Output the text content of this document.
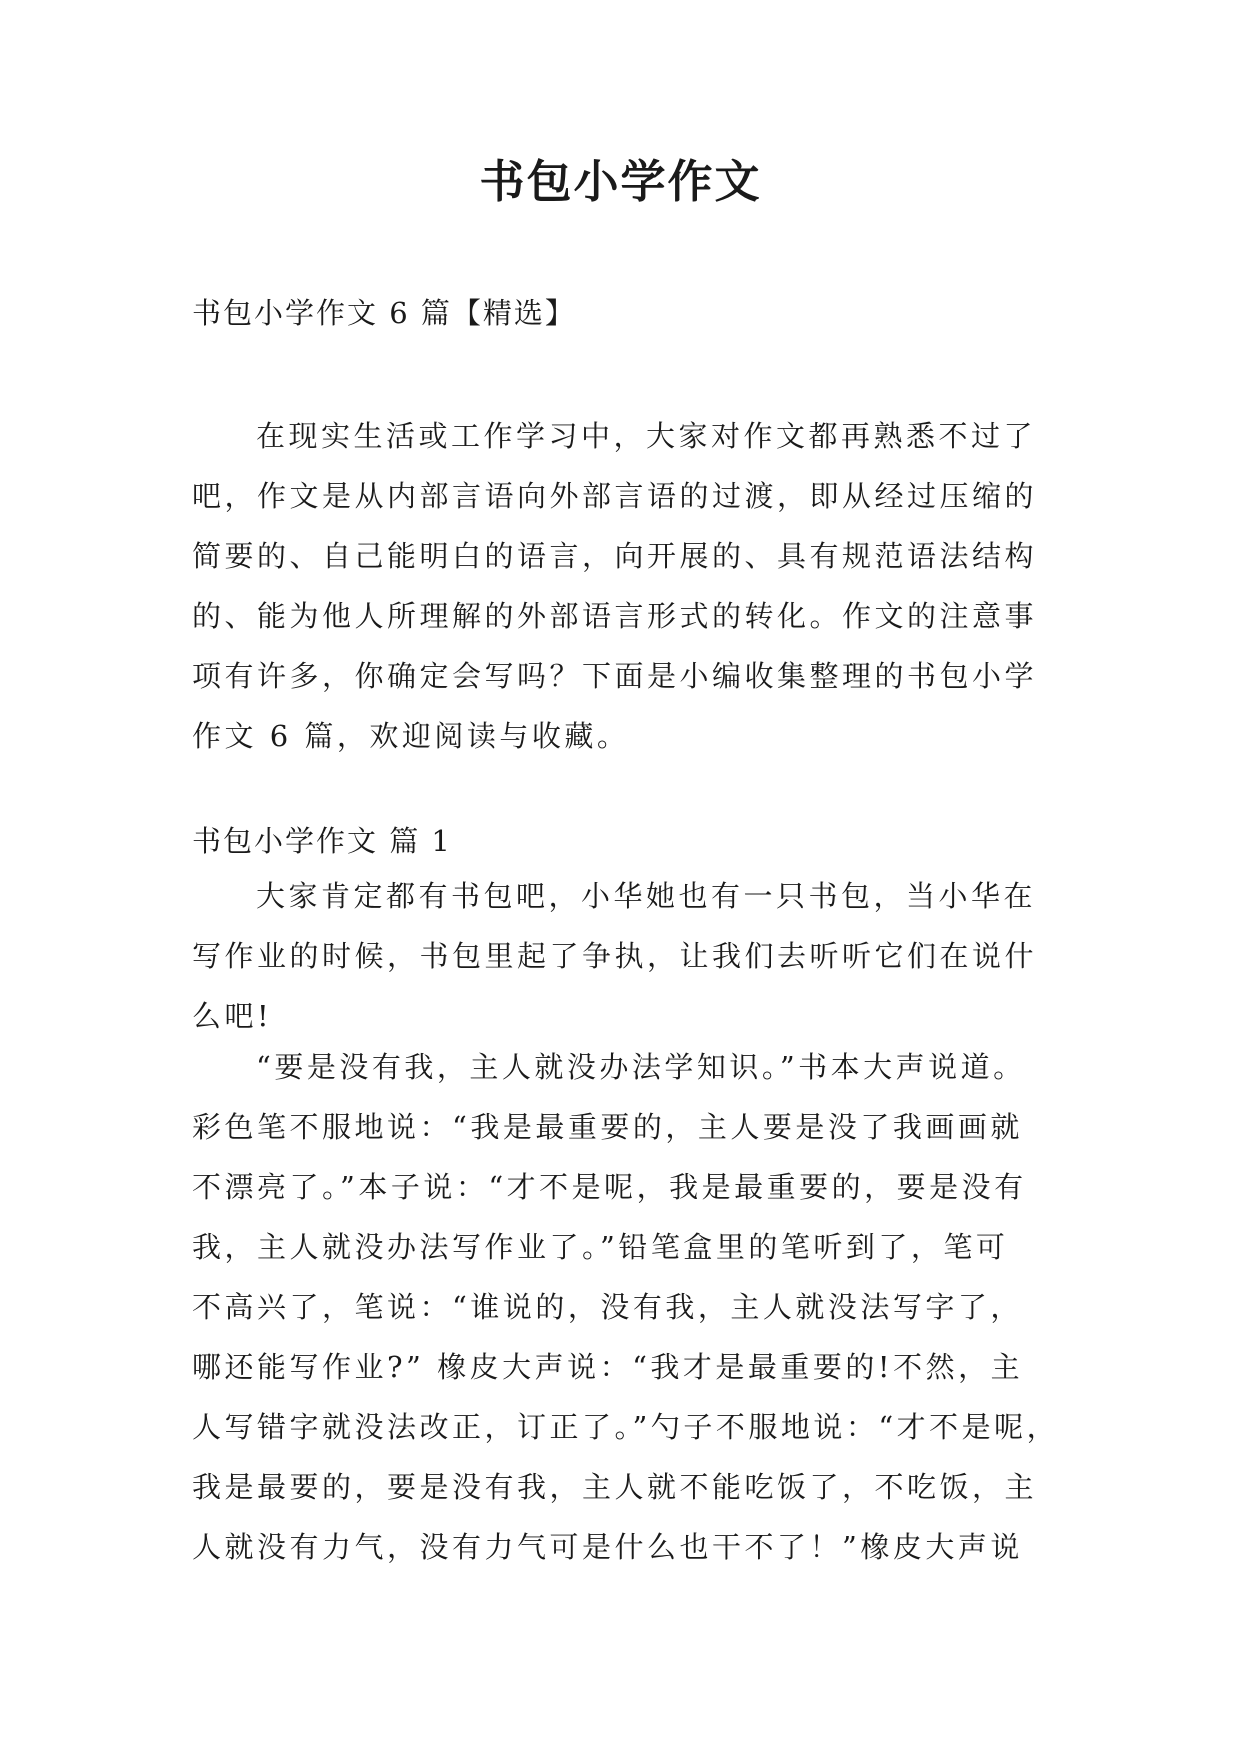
书包小学作文

书包小学作文 6 篇【精选】

在现实生活或工作学习中，大家对作文都再熟悉不过了
吧，作文是从内部言语向外部言语的过渡，即从经过压缩的
简要的、自己能明白的语言，向开展的、具有规范语法结构
的、能为他人所理解的外部语言形式的转化。作文的注意事
项有许多，你确定会写吗？下面是小编收集整理的书包小学
作文 6 篇，欢迎阅读与收藏。
书包小学作文 篇 1
大家肯定都有书包吧，小华她也有一只书包，当小华在
写作业的时候，书包里起了争执，让我们去听听它们在说什
么吧!
“要是没有我，主人就没办法学知识。”书本大声说道。
彩色笔不服地说：“我是最重要的，主人要是没了我画画就
不漂亮了。”本子说：“才不是呢，我是最重要的，要是没有
我，主人就没办法写作业了。”铅笔盒里的笔听到了，笔可
不高兴了，笔说：“谁说的，没有我，主人就没法写字了，
哪还能写作业?” 橡皮大声说：“我才是最重要的!不然，主
人写错字就没法改正，订正了。”勺子不服地说：“才不是呢，
我是最要的，要是没有我，主人就不能吃饭了，不吃饭，主
人就没有力气，没有力气可是什么也干不了！”橡皮大声说
